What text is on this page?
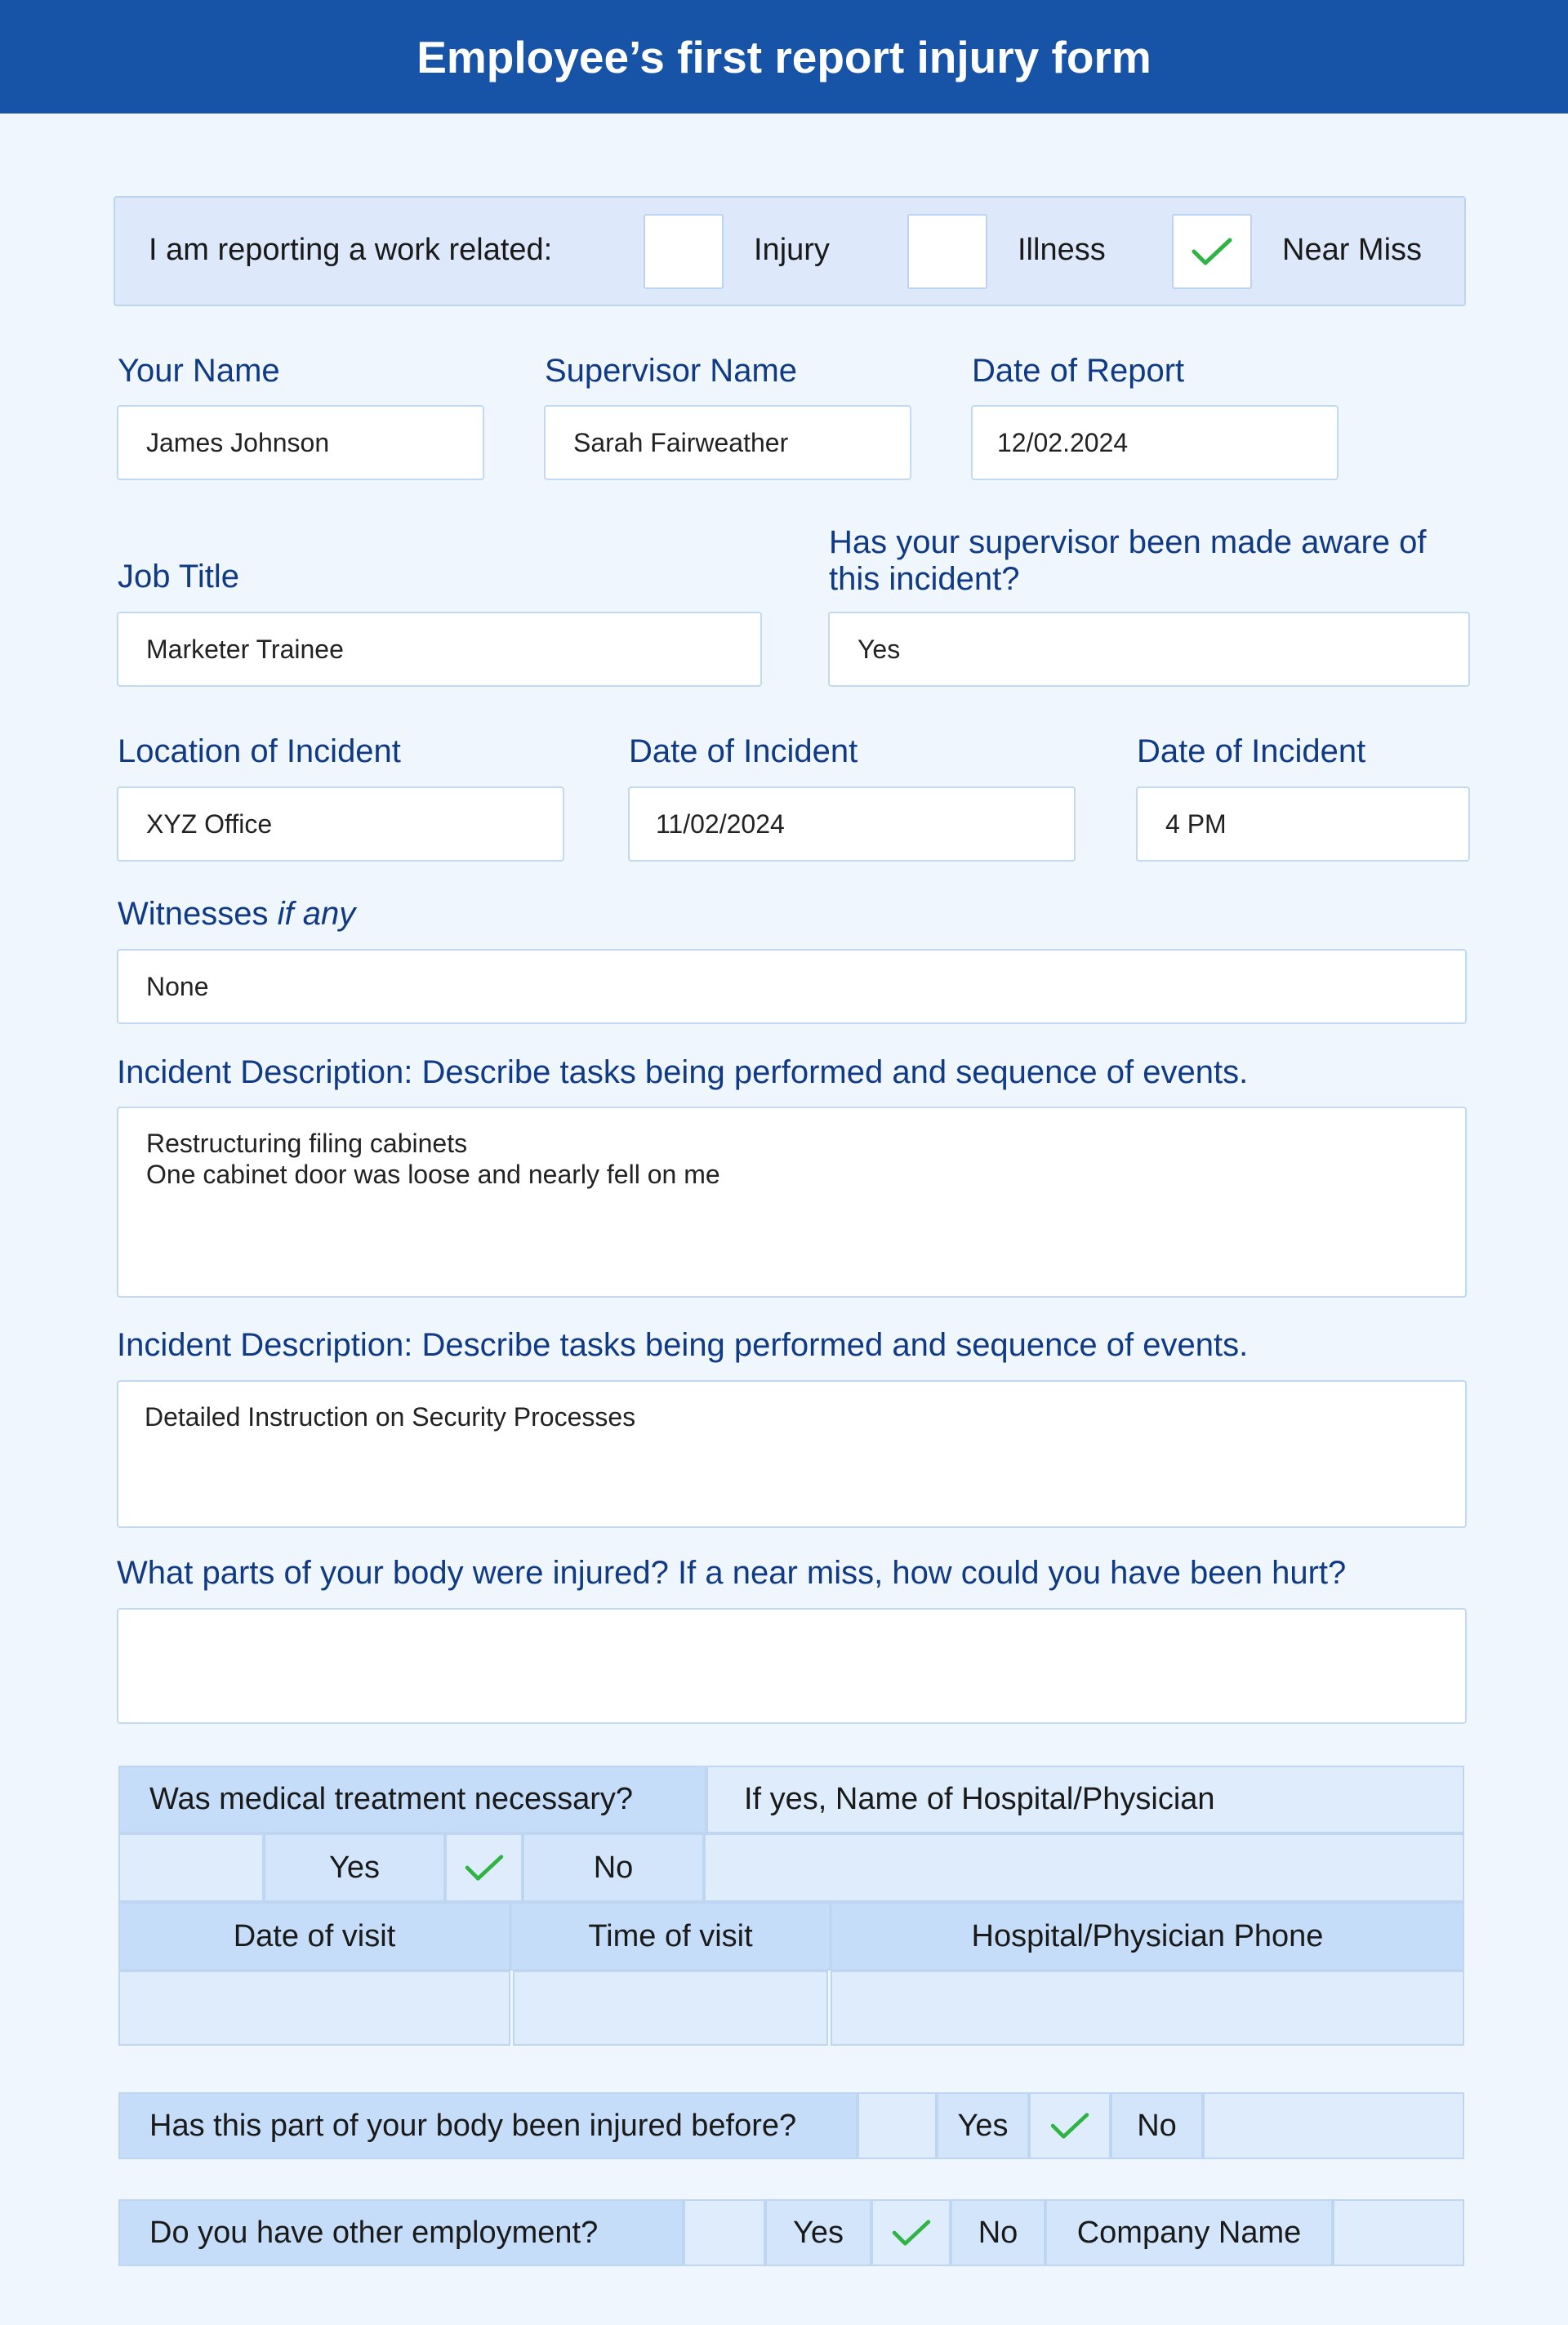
Employee’s first report injury form
I am reporting a work related:	Injury	Illness	Near Miss
Your Name
James Johnson
Supervisor Name
Sarah Fairweather
Date of Report
12/02.2024
Job Title
Marketer Trainee
Has your supervisor been made aware of this incident?
Yes
Location of Incident
XYZ Office
Date of Incident
11/02/2024
Date of Incident
4 PM
Witnesses if any
None
Incident Description: Describe tasks being performed and sequence of events.
Restructuring filing cabinets
One cabinet door was loose and nearly fell on me
Incident Description: Describe tasks being performed and sequence of events.
Detailed Instruction on Security Processes
What parts of your body were injured? If a near miss, how could you have been hurt?
Was medical treatment necessary?	If yes, Name of Hospital/Physician
Yes	No
Date of visit	Time of visit	Hospital/Physician Phone
Has this part of your body been injured before?	Yes	No
Do you have other employment?	Yes	No	Company Name
